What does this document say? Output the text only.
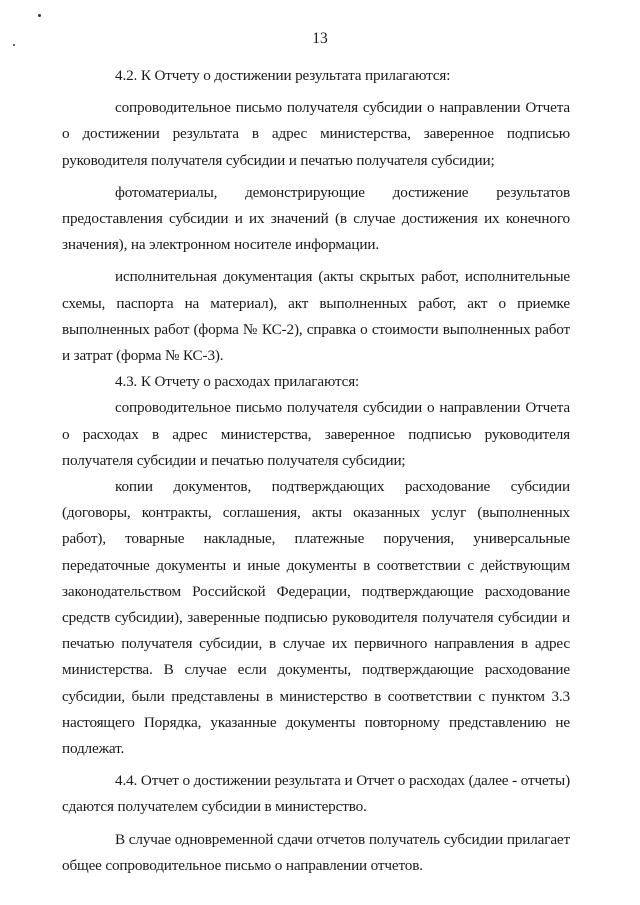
13

4.2. К Отчету о достижении результата прилагаются:

сопроводительное письмо получателя субсидии о направлении Отчета о достижении результата в адрес министерства, заверенное подписью руководителя получателя субсидии и печатью получателя субсидии;

фотоматериалы, демонстрирующие достижение результатов предоставления субсидии и их значений (в случае достижения их конечного значения), на электронном носителе информации.

исполнительная документация (акты скрытых работ, исполнительные схемы, паспорта на материал), акт выполненных работ, акт о приемке выполненных работ (форма № КС-2), справка о стоимости выполненных работ и затрат (форма № КС-3).

4.3. К Отчету о расходах прилагаются:

сопроводительное письмо получателя субсидии о направлении Отчета о расходах в адрес министерства, заверенное подписью руководителя получателя субсидии и печатью получателя субсидии;

копии документов, подтверждающих расходование субсидии (договоры, контракты, соглашения, акты оказанных услуг (выполненных работ), товарные накладные, платежные поручения, универсальные передаточные документы и иные документы в соответствии с действующим законодательством Российской Федерации, подтверждающие расходование средств субсидии), заверенные подписью руководителя получателя субсидии и печатью получателя субсидии, в случае их первичного направления в адрес министерства. В случае если документы, подтверждающие расходование субсидии, были представлены в министерство в соответствии с пунктом 3.3 настоящего Порядка, указанные документы повторному представлению не подлежат.

4.4. Отчет о достижении результата и Отчет о расходах (далее - отчеты) сдаются получателем субсидии в министерство.

В случае одновременной сдачи отчетов получатель субсидии прилагает общее сопроводительное письмо о направлении отчетов.
